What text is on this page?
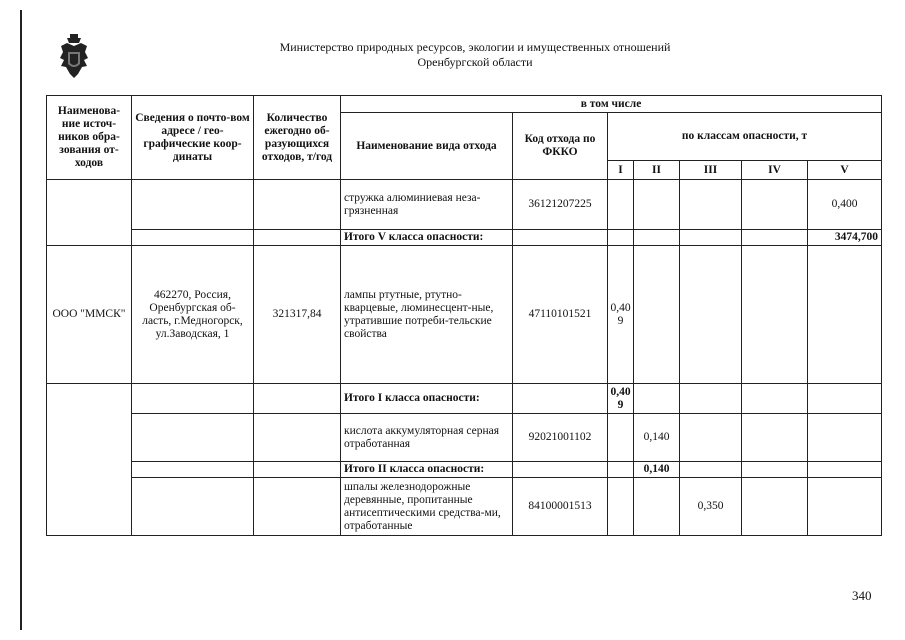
Министерство природных ресурсов, экологии и имущественных отношений
Оренбургской области
Наименова-ние источ-ников обра-зования от-ходов	Сведения о почто-вом адресе / гео-графические коор-динаты	Количество ежегодно об-разующихся отходов, т/год	в том числе						
			Наименование вида отхода	Код отхода по ФККО	по классам опасности, т				
					I	II	III	IV	V
			стружка алюминиевая неза-грязненная	36121207225					0,400
			Итого V класса опасности:						3474,700
ООО "ММСК"	462270, Россия, Оренбургская об-ласть, г.Медногорск, ул.Заводская, 1	321317,84	лампы ртутные, ртутно-кварцевые, люминесцент-ные, утратившие потреби-тельские свойства	47110101521	0,409				
			Итого I класса опасности:		0,409				
			кислота аккумуляторная серная отработанная	92021001102		0,140			
			Итого II класса опасности:			0,140			
			шпалы железнодорожные деревянные, пропитанные антисептическими средства-ми, отработанные	84100001513			0,350		
340
